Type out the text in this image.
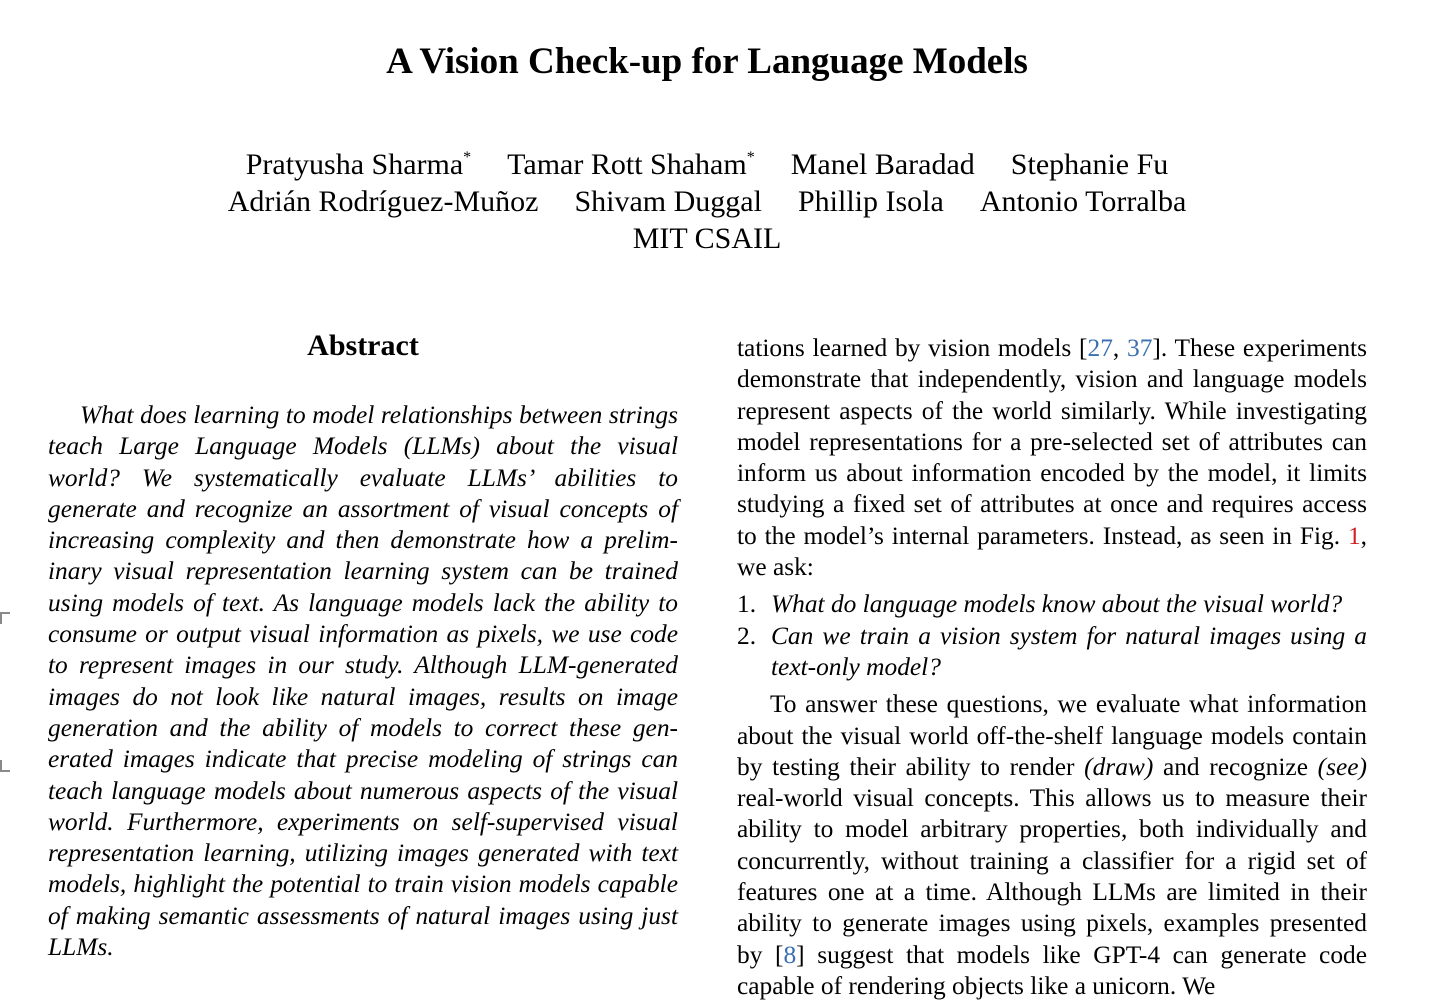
A Vision Check-up for Language Models
Pratyusha Sharma* Tamar Rott Shaham* Manel Baradad Stephanie Fu
Adrián Rodríguez-Muñoz Shivam Duggal Phillip Isola Antonio Torralba
MIT CSAIL
Abstract

What does learning to model relationships between strings teach Large Language Models (LLMs) about the visual world? We systematically evaluate LLMs’ abilities to generate and recognize an assortment of visual concepts of increasing complexity and then demonstrate how a preliminary visual representation learning system can be trained using models of text. As language models lack the ability to consume or output visual information as pixels, we use code to represent images in our study. Although LLM-generated images do not look like natural images, results on image generation and the ability of models to correct these generated images indicate that precise modeling of strings can teach language models about numerous aspects of the visual world. Furthermore, experiments on self-supervised visual representation learning, utilizing images generated with text models, highlight the potential to train vision models capable of making semantic assessments of natural images using just LLMs.

tations learned by vision models [27, 37]. These experiments demonstrate that independently, vision and language models represent aspects of the world similarly. While investigating model representations for a pre-selected set of attributes can inform us about information encoded by the model, it limits studying a fixed set of attributes at once and requires access to the model’s internal parameters. Instead, as seen in Fig. 1, we ask:

1. What do language models know about the visual world?
2. Can we train a vision system for natural images using a text-only model?

To answer these questions, we evaluate what information about the visual world off-the-shelf language models contain by testing their ability to render (draw) and recognize (see) real-world visual concepts. This allows us to measure their ability to model arbitrary properties, both individually and concurrently, without training a classifier for a rigid set of features one at a time. Although LLMs are limited in their ability to generate images using pixels, examples presented by [8] suggest that models like GPT-4 can generate code capable of rendering objects like a unicorn. We
